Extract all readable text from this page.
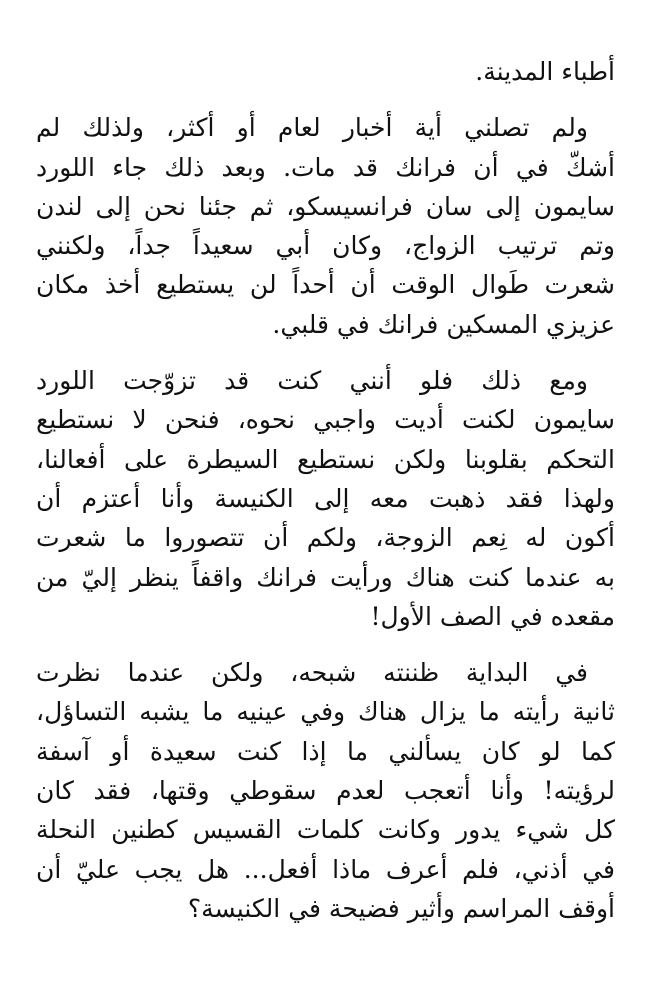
أطباء المدينة.

ولم تصلني أية أخبار لعام أو أكثر، ولذلك لم
أشكّ في أن فرانك قد مات. وبعد ذلك جاء اللورد
سايمون إلى سان فرانسيسكو، ثم جئنا نحن إلى لندن
وتم ترتيب الزواج، وكان أبي سعيداً جداً، ولكنني
شعرت طَوال الوقت أن أحداً لن يستطيع أخذ مكان
عزيزي المسكين فرانك في قلبي.

ومع ذلك فلو أنني كنت قد تزوّجت اللورد
سايمون لكنت أديت واجبي نحوه، فنحن لا نستطيع
التحكم بقلوبنا ولكن نستطيع السيطرة على أفعالنا،
ولهذا فقد ذهبت معه إلى الكنيسة وأنا أعتزم أن
أكون له نِعم الزوجة، ولكم أن تتصوروا ما شعرت
به عندما كنت هناك ورأيت فرانك واقفاً ينظر إليّ من
مقعده في الصف الأول!

في البداية ظننته شبحه، ولكن عندما نظرت
ثانية رأيته ما يزال هناك وفي عينيه ما يشبه التساؤل،
كما لو كان يسألني ما إذا كنت سعيدة أو آسفة
لرؤيته! وأنا أتعجب لعدم سقوطي وقتها، فقد كان
كل شيء يدور وكانت كلمات القسيس كطنين النحلة
في أذني، فلم أعرف ماذا أفعل... هل يجب عليّ أن
أوقف المراسم وأثير فضيحة في الكنيسة؟
